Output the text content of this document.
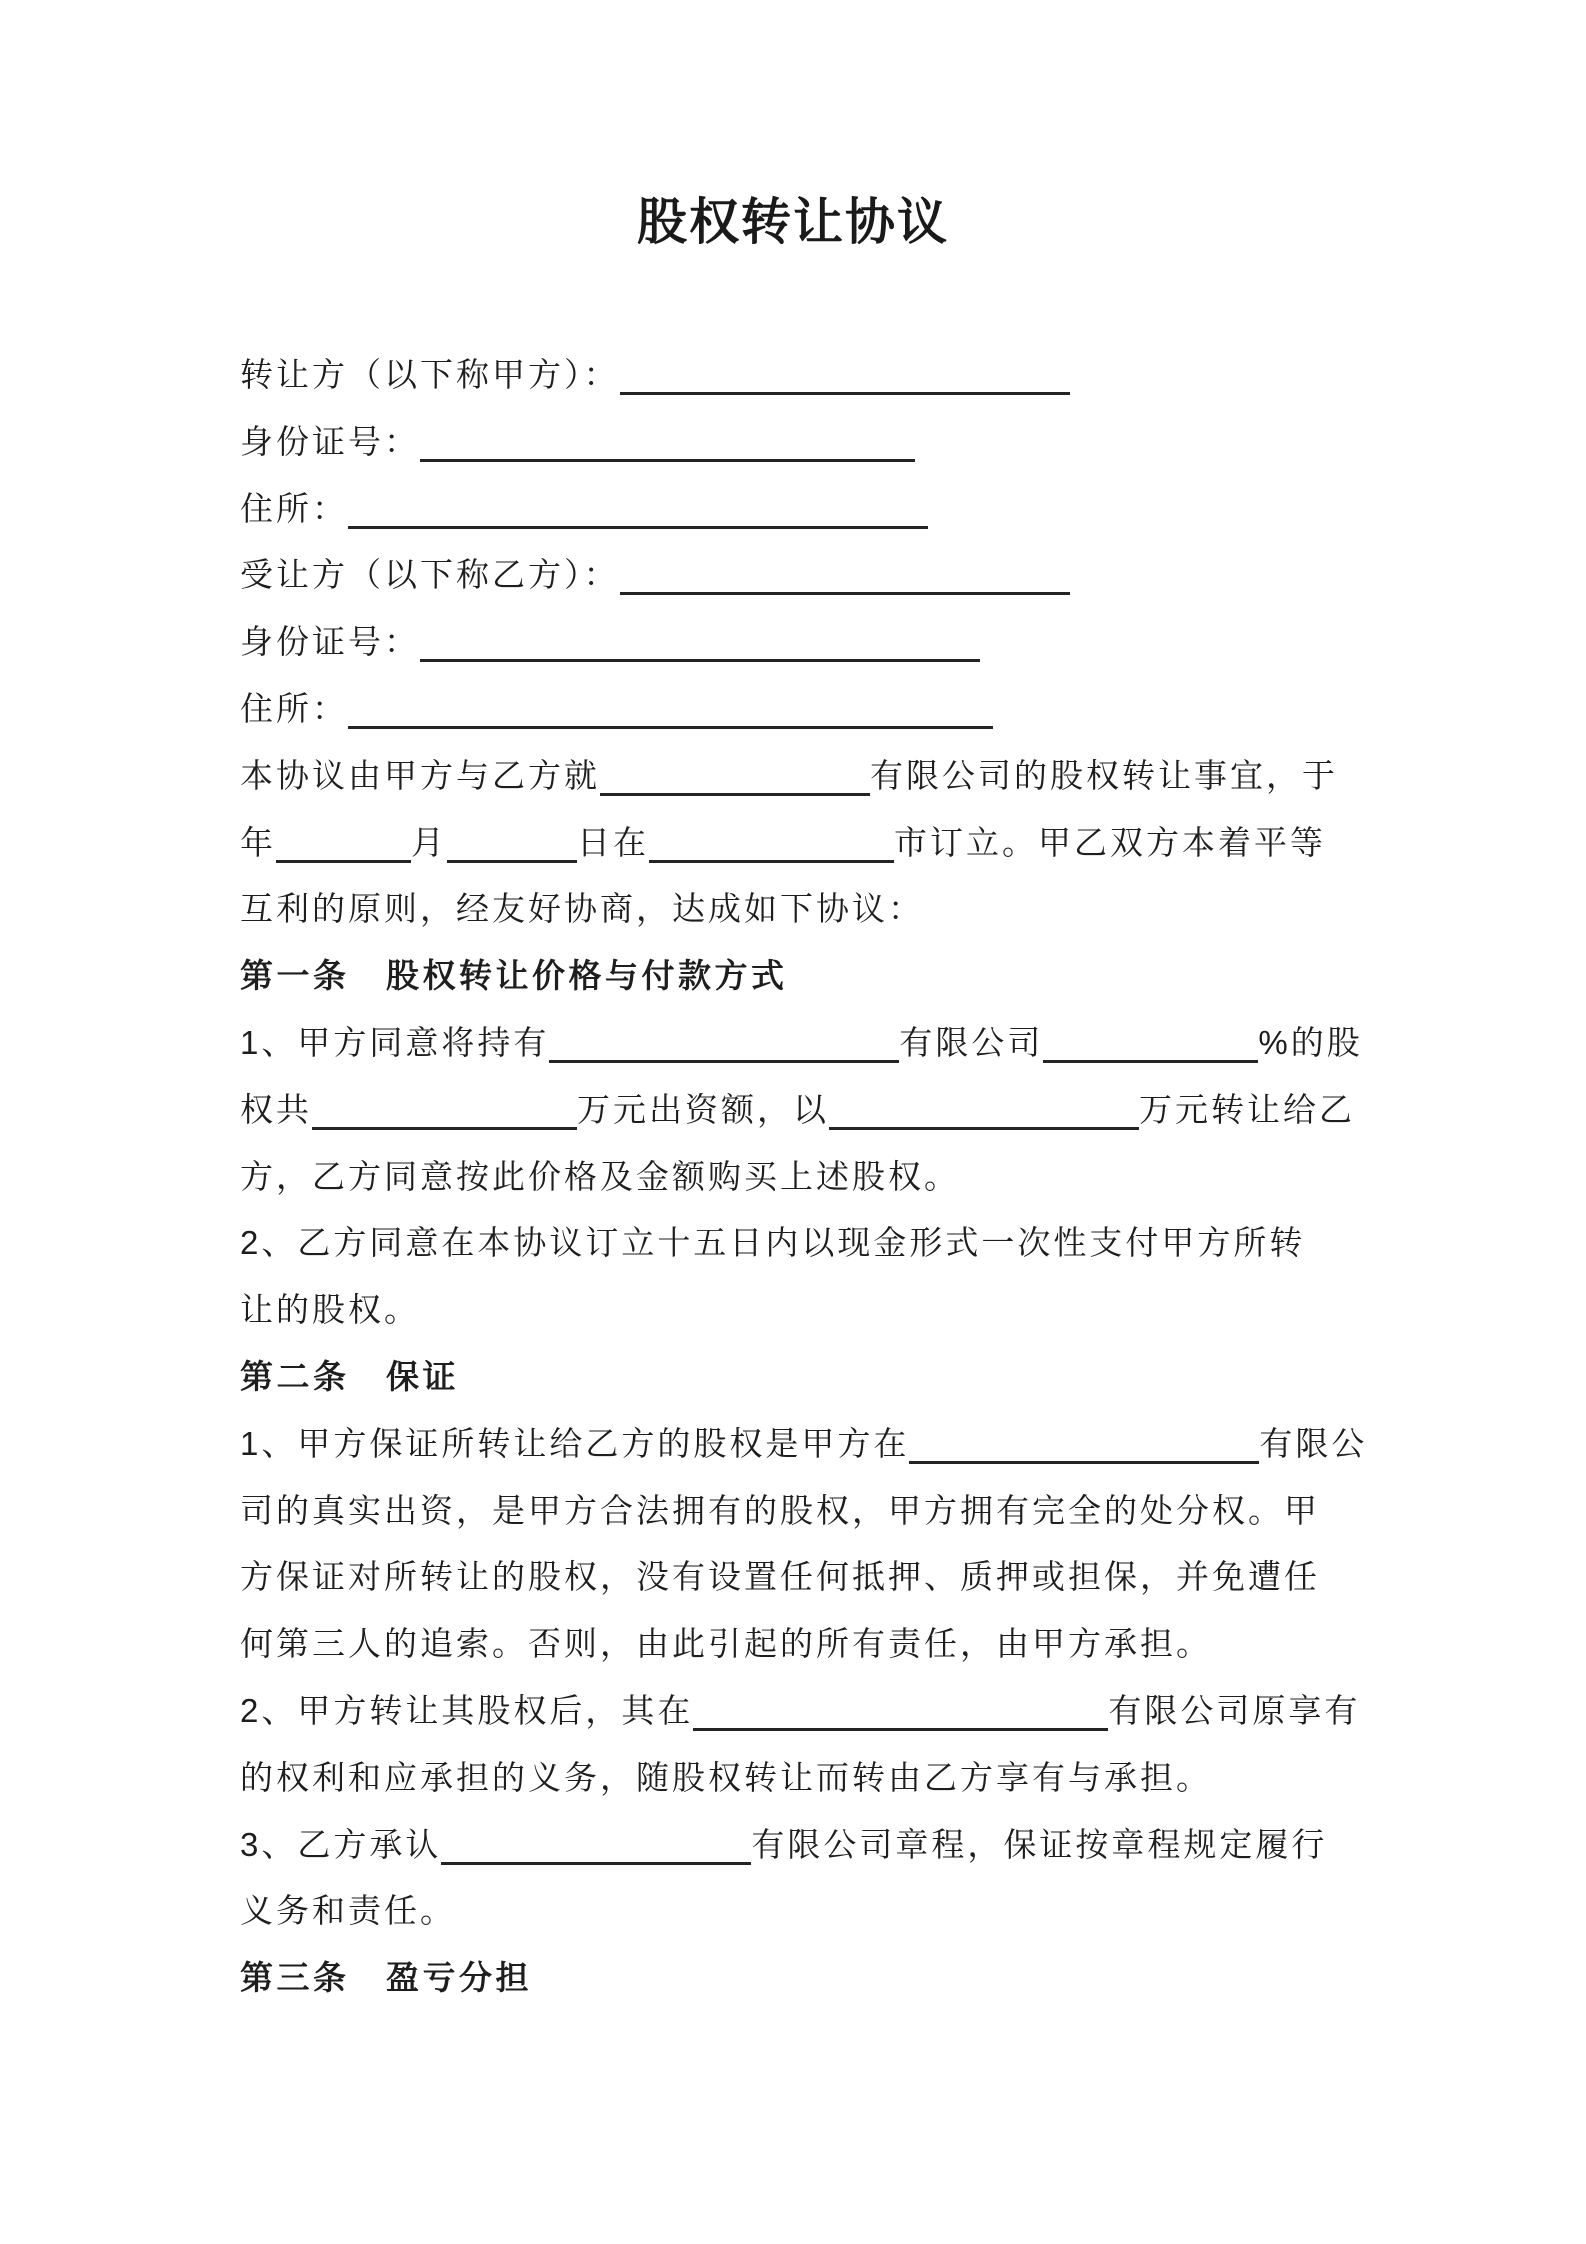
股权转让协议
转让方（以下称甲方）：
身份证号：
住所：
受让方（以下称乙方）：
身份证号：
住所：
本协议由甲方与乙方就	有限公司的股权转让事宜，于
年	月	日在	市订立。甲乙双方本着平等
互利的原则，经友好协商，达成如下协议：
第一条　股权转让价格与付款方式
1、甲方同意将持有	有限公司	%的股
权共	万元出资额，以	万元转让给乙
方，乙方同意按此价格及金额购买上述股权。
2、乙方同意在本协议订立十五日内以现金形式一次性支付甲方所转
让的股权。
第二条　保证
1、甲方保证所转让给乙方的股权是甲方在	有限公
司的真实出资，是甲方合法拥有的股权，甲方拥有完全的处分权。甲
方保证对所转让的股权，没有设置任何抵押、质押或担保，并免遭任
何第三人的追索。否则，由此引起的所有责任，由甲方承担。
2、甲方转让其股权后，其在	有限公司原享有
的权利和应承担的义务，随股权转让而转由乙方享有与承担。
3、乙方承认	有限公司章程，保证按章程规定履行
义务和责任。
第三条　盈亏分担
